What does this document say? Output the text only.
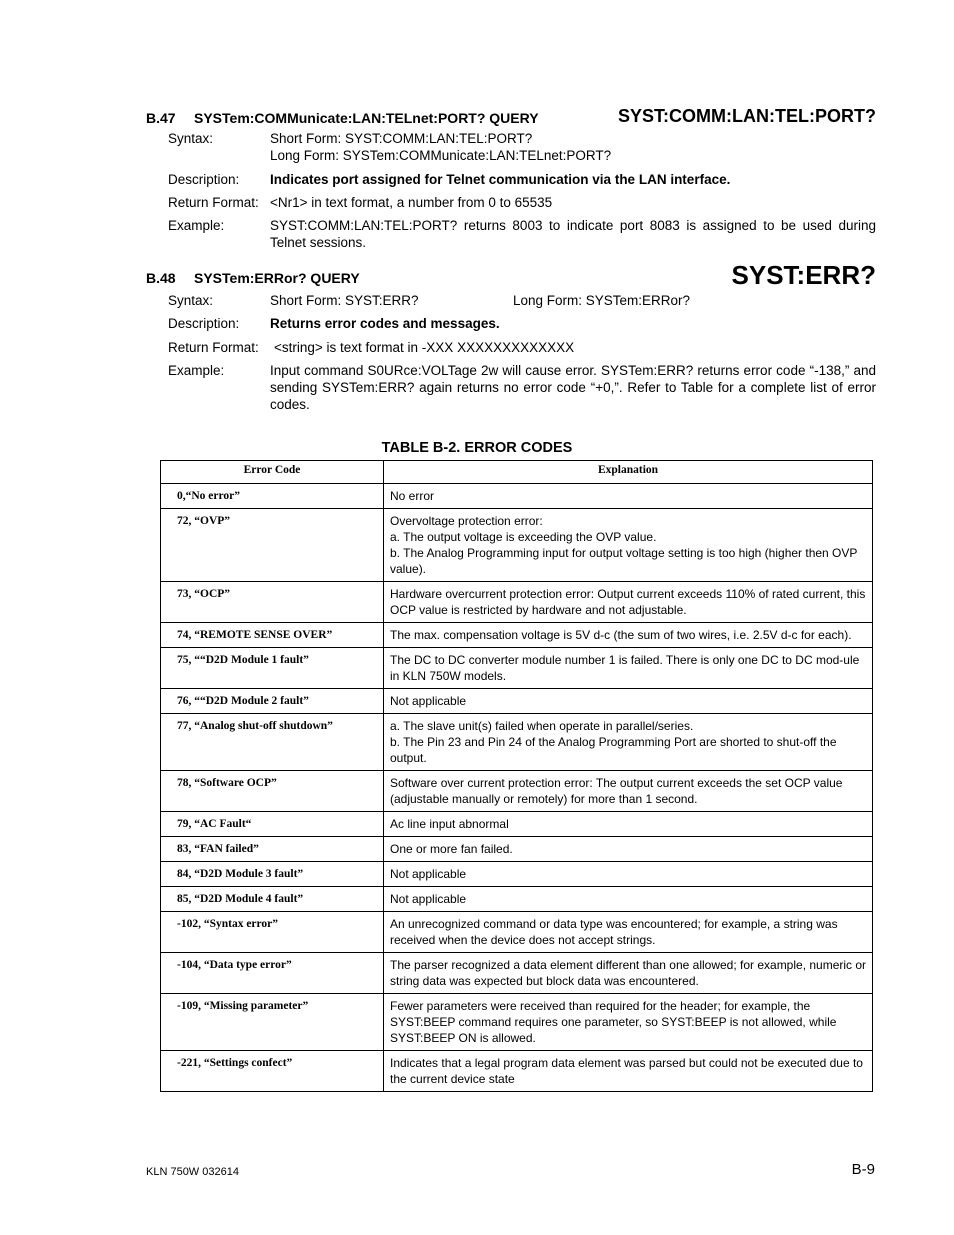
B.47 SYSTem:COMMunicate:LAN:TELnet:PORT? QUERY	SYST:COMM:LAN:TEL:PORT?
Syntax:	Short Form: SYST:COMM:LAN:TEL:PORT?
Long Form: SYSTem:COMMunicate:LAN:TELnet:PORT?
Description: Indicates port assigned for Telnet communication via the LAN interface.
Return Format: <Nr1> in text format, a number from 0 to 65535
Example:	SYST:COMM:LAN:TEL:PORT? returns 8003 to indicate port 8083 is assigned to be used during Telnet sessions.
B.48 SYSTem:ERRor? QUERY	SYST:ERR?
Syntax:	Short Form: SYST:ERR?	Long Form: SYSTem:ERRor?
Description: Returns error codes and messages.
Return Format: <string> is text format in -XXX XXXXXXXXXXXXX
Example:	Input command S0URce:VOLTage 2w will cause error. SYSTem:ERR? returns error code “-138,” and sending SYSTem:ERR? again returns no error code “+0,”. Refer to Table for a complete list of error codes.
TABLE B-2. ERROR CODES
Error Code	Explanation
0,“No error”	No error
72, “OVP”	Overvoltage protection error:
a. The output voltage is exceeding the OVP value.
b. The Analog Programming input for output voltage setting is too high (higher then OVP value).
73, “OCP”	Hardware overcurrent protection error: Output current exceeds 110% of rated current, this OCP value is restricted by hardware and not adjustable.
74, “REMOTE SENSE OVER”	The max. compensation voltage is 5V d-c (the sum of two wires, i.e. 2.5V d-c for each).
75, ““D2D Module 1 fault”	The DC to DC converter module number 1 is failed. There is only one DC to DC mod-ule in KLN 750W models.
76, ““D2D Module 2 fault”	Not applicable
77, “Analog shut-off shutdown”	a. The slave unit(s) failed when operate in parallel/series.
b. The Pin 23 and Pin 24 of the Analog Programming Port are shorted to shut-off the output.
78, “Software OCP”	Software over current protection error: The output current exceeds the set OCP value (adjustable manually or remotely) for more than 1 second.
79, “AC Fault“	Ac line input abnormal
83, “FAN failed”	One or more fan failed.
84, “D2D Module 3 fault”	Not applicable
85, “D2D Module 4 fault”	Not applicable
-102, “Syntax error”	An unrecognized command or data type was encountered; for example, a string was received when the device does not accept strings.
-104, “Data type error”	The parser recognized a data element different than one allowed; for example, numeric or string data was expected but block data was encountered.
-109, “Missing parameter”	Fewer parameters were received than required for the header; for example, the SYST:BEEP command requires one parameter, so SYST:BEEP is not allowed, while SYST:BEEP ON is allowed.
-221, “Settings confect”	Indicates that a legal program data element was parsed but could not be executed due to the current device state
KLN 750W 032614	B-9
